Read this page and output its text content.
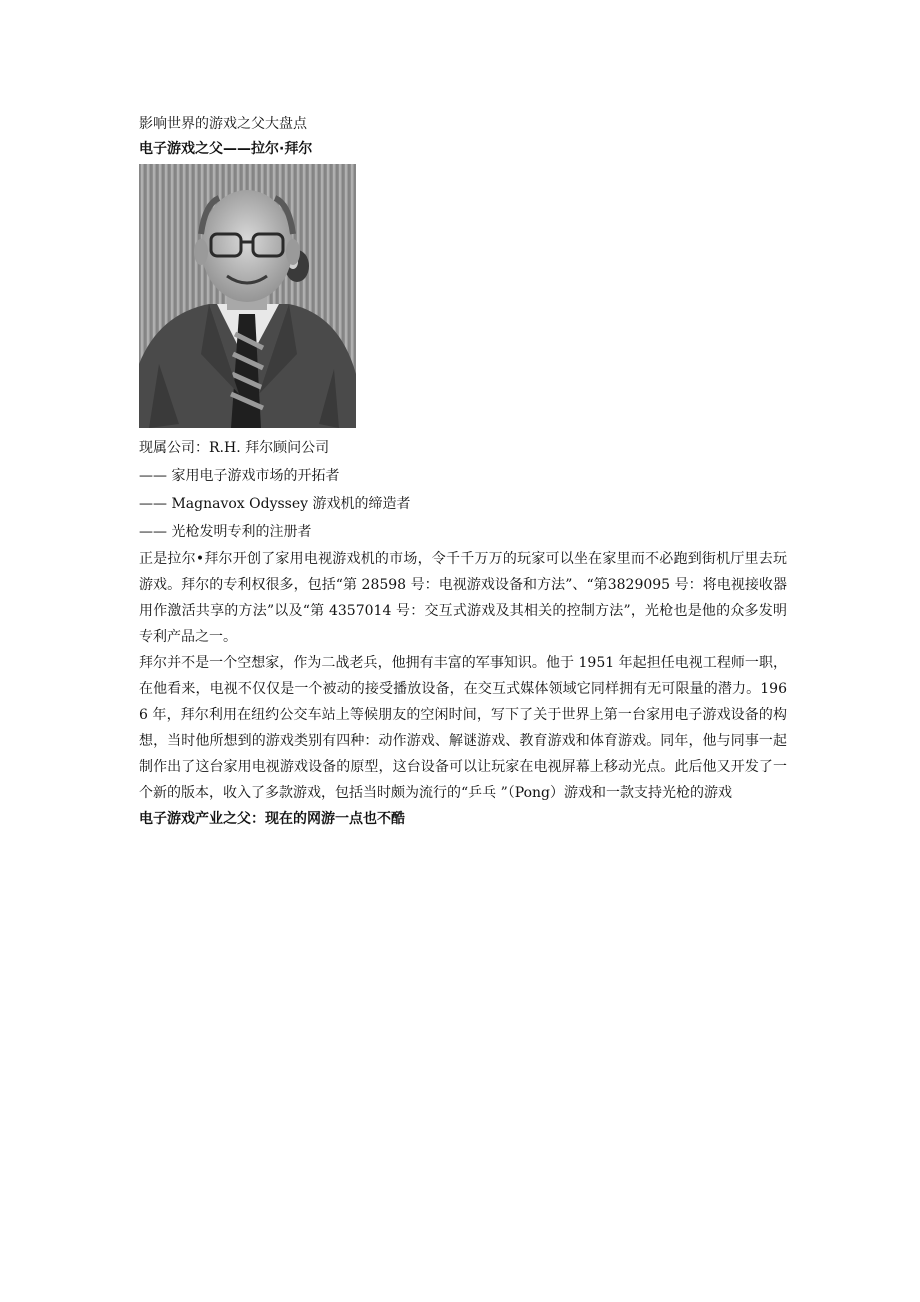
影响世界的游戏之父大盘点
电子游戏之父——拉尔·拜尔
现属公司：R.H. 拜尔顾问公司
—— 家用电子游戏市场的开拓者
—— Magnavox Odyssey 游戏机的缔造者
—— 光枪发明专利的注册者

正是拉尔•拜尔开创了家用电视游戏机的市场，令千千万万的玩家可以坐在家里而不必跑到街机厅里去玩游戏。拜尔的专利权很多，包括“第 28598 号：电视游戏设备和方法”、“第3829095 号：将电视接收器用作激活共享的方法”以及“第 4357014 号：交互式游戏及其相关的控制方法”，光枪也是他的众多发明专利产品之一。

拜尔并不是一个空想家，作为二战老兵，他拥有丰富的军事知识。他于 1951 年起担任电视工程师一职，在他看来，电视不仅仅是一个被动的接受播放设备，在交互式媒体领域它同样拥有无可限量的潜力。1966 年，拜尔利用在纽约公交车站上等候朋友的空闲时间，写下了关于世界上第一台家用电子游戏设备的构想，当时他所想到的游戏类别有四种：动作游戏、解谜游戏、教育游戏和体育游戏。同年，他与同事一起制作出了这台家用电视游戏设备的原型，这台设备可以让玩家在电视屏幕上移动光点。此后他又开发了一个新的版本，收入了多款游戏，包括当时颇为流行的“乒乓 ”（Pong）游戏和一款支持光枪的游戏

电子游戏产业之父：现在的网游一点也不酷
